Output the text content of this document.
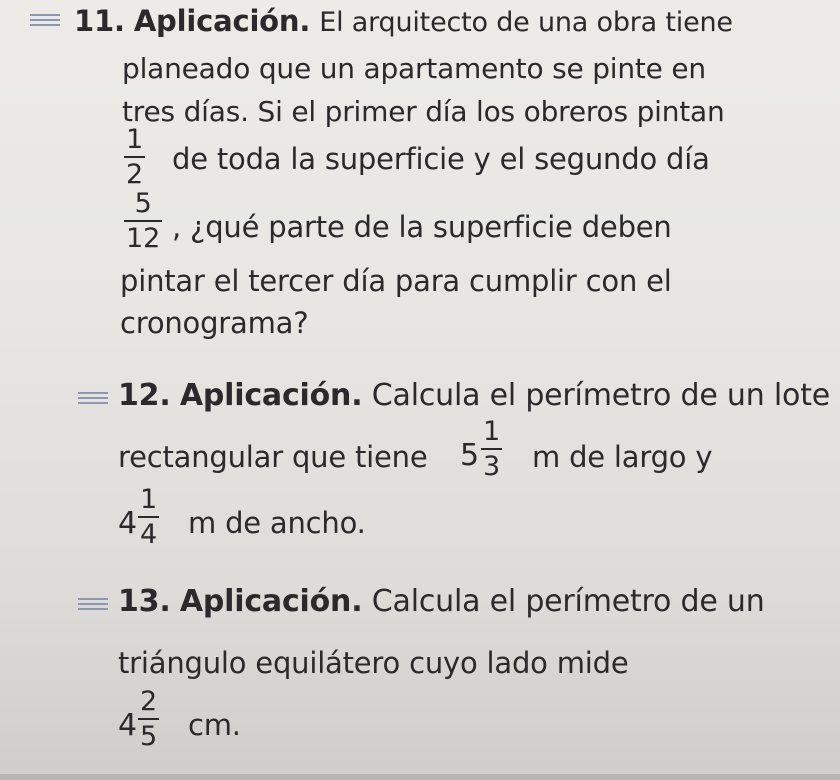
11. Aplicación. El arquitecto de una obra tiene
planeado que un apartamento se pinte en
tres días. Si el primer día los obreros pintan
1
2 de toda la superficie y el segundo día
5
12 , ¿qué parte de la superficie deben
pintar el tercer día para cumplir con el
cronograma?
12. Aplicación. Calcula el perímetro de un lote
rectangular que tiene 5
1
3 m de largo y
4
1
4 m de ancho.
13. Aplicación. Calcula el perímetro de un
triángulo equilátero cuyo lado mide
4
2
5 cm.
